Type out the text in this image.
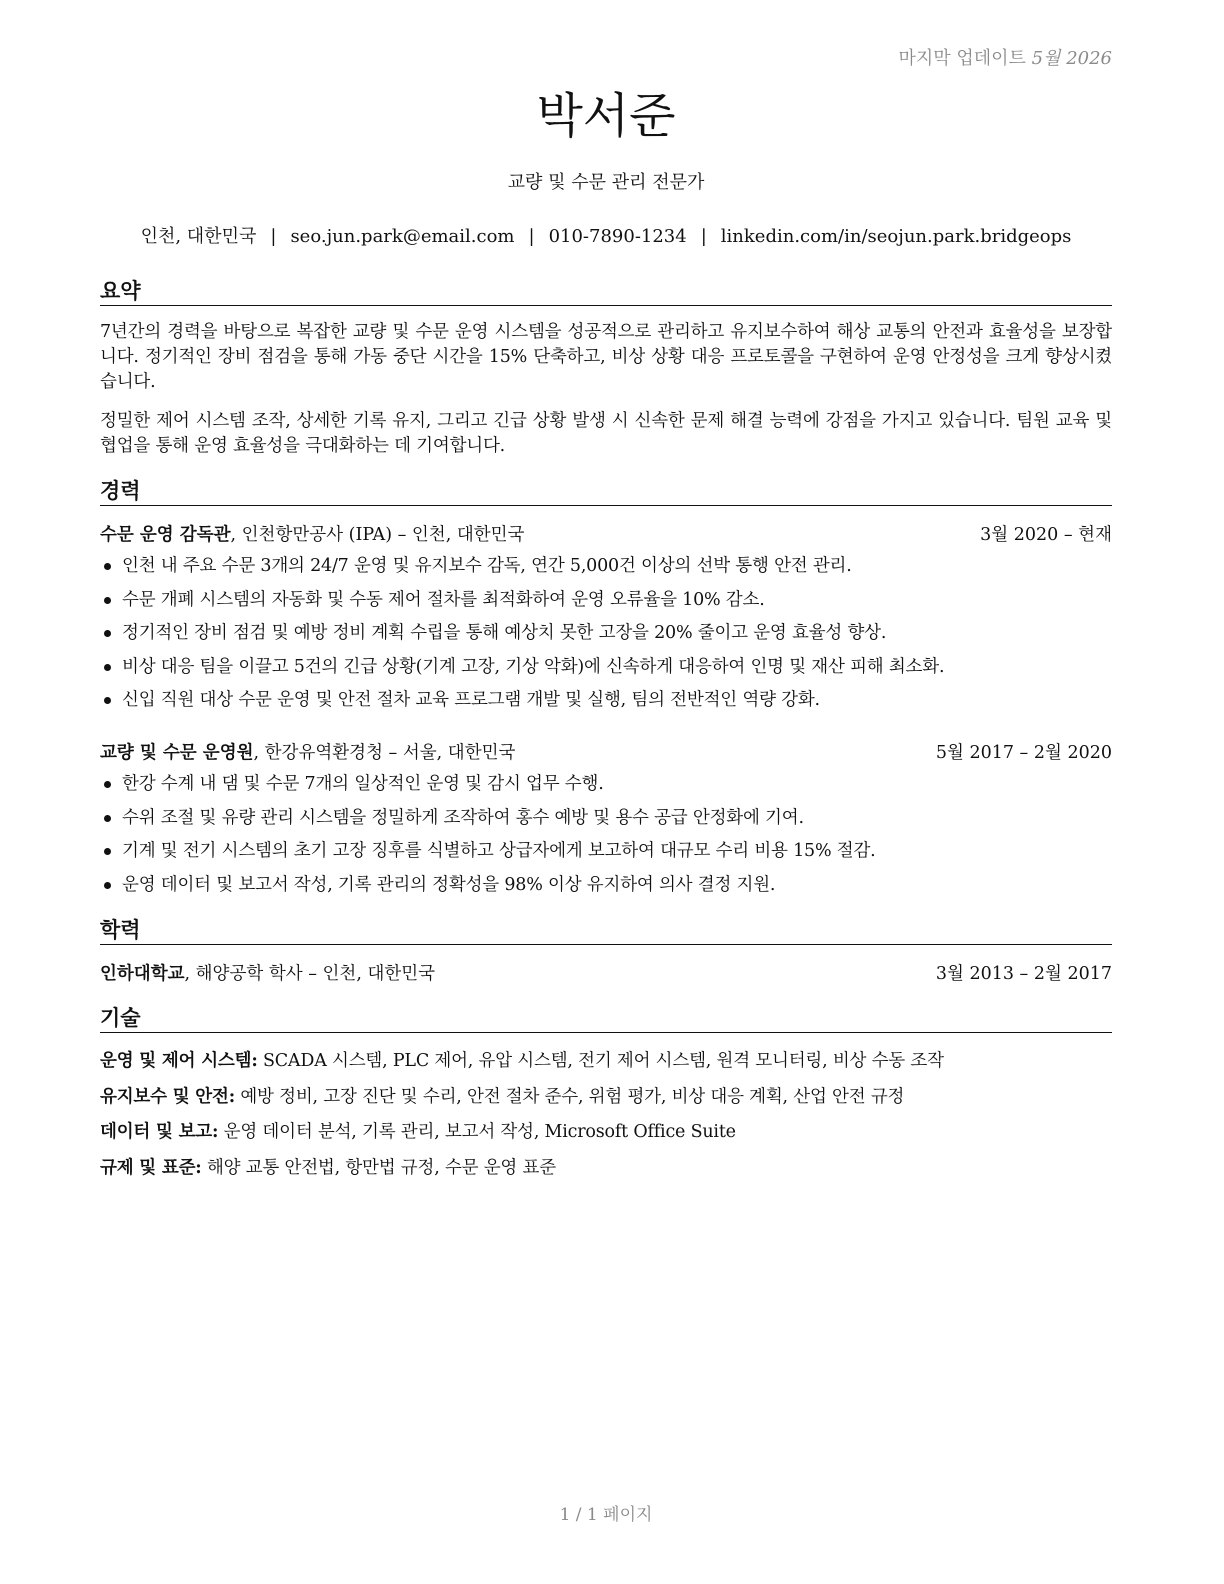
마지막 업데이트 5월 2026
박서준
교량 및 수문 관리 전문가
인천, 대한민국 | seo.jun.park@email.com | 010-7890-1234 | linkedin.com/in/seojun.park.bridgeops
요약
7년간의 경력을 바탕으로 복잡한 교량 및 수문 운영 시스템을 성공적으로 관리하고 유지보수하여 해상 교통의 안전과 효율성을 보장합니다. 정기적인 장비 점검을 통해 가동 중단 시간을 15% 단축하고, 비상 상황 대응 프로토콜을 구현하여 운영 안정성을 크게 향상시켰습니다.
정밀한 제어 시스템 조작, 상세한 기록 유지, 그리고 긴급 상황 발생 시 신속한 문제 해결 능력에 강점을 가지고 있습니다. 팀원 교육 및 협업을 통해 운영 효율성을 극대화하는 데 기여합니다.
경력
수문 운영 감독관, 인천항만공사 (IPA) – 인천, 대한민국	3월 2020 – 현재
인천 내 주요 수문 3개의 24/7 운영 및 유지보수 감독, 연간 5,000건 이상의 선박 통행 안전 관리.
수문 개폐 시스템의 자동화 및 수동 제어 절차를 최적화하여 운영 오류율을 10% 감소.
정기적인 장비 점검 및 예방 정비 계획 수립을 통해 예상치 못한 고장을 20% 줄이고 운영 효율성 향상.
비상 대응 팀을 이끌고 5건의 긴급 상황(기계 고장, 기상 악화)에 신속하게 대응하여 인명 및 재산 피해 최소화.
신입 직원 대상 수문 운영 및 안전 절차 교육 프로그램 개발 및 실행, 팀의 전반적인 역량 강화.
교량 및 수문 운영원, 한강유역환경청 – 서울, 대한민국	5월 2017 – 2월 2020
한강 수계 내 댐 및 수문 7개의 일상적인 운영 및 감시 업무 수행.
수위 조절 및 유량 관리 시스템을 정밀하게 조작하여 홍수 예방 및 용수 공급 안정화에 기여.
기계 및 전기 시스템의 초기 고장 징후를 식별하고 상급자에게 보고하여 대규모 수리 비용 15% 절감.
운영 데이터 및 보고서 작성, 기록 관리의 정확성을 98% 이상 유지하여 의사 결정 지원.
학력
인하대학교, 해양공학 학사 – 인천, 대한민국	3월 2013 – 2월 2017
기술
운영 및 제어 시스템: SCADA 시스템, PLC 제어, 유압 시스템, 전기 제어 시스템, 원격 모니터링, 비상 수동 조작
유지보수 및 안전: 예방 정비, 고장 진단 및 수리, 안전 절차 준수, 위험 평가, 비상 대응 계획, 산업 안전 규정
데이터 및 보고: 운영 데이터 분석, 기록 관리, 보고서 작성, Microsoft Office Suite
규제 및 표준: 해양 교통 안전법, 항만법 규정, 수문 운영 표준
1 / 1 페이지
